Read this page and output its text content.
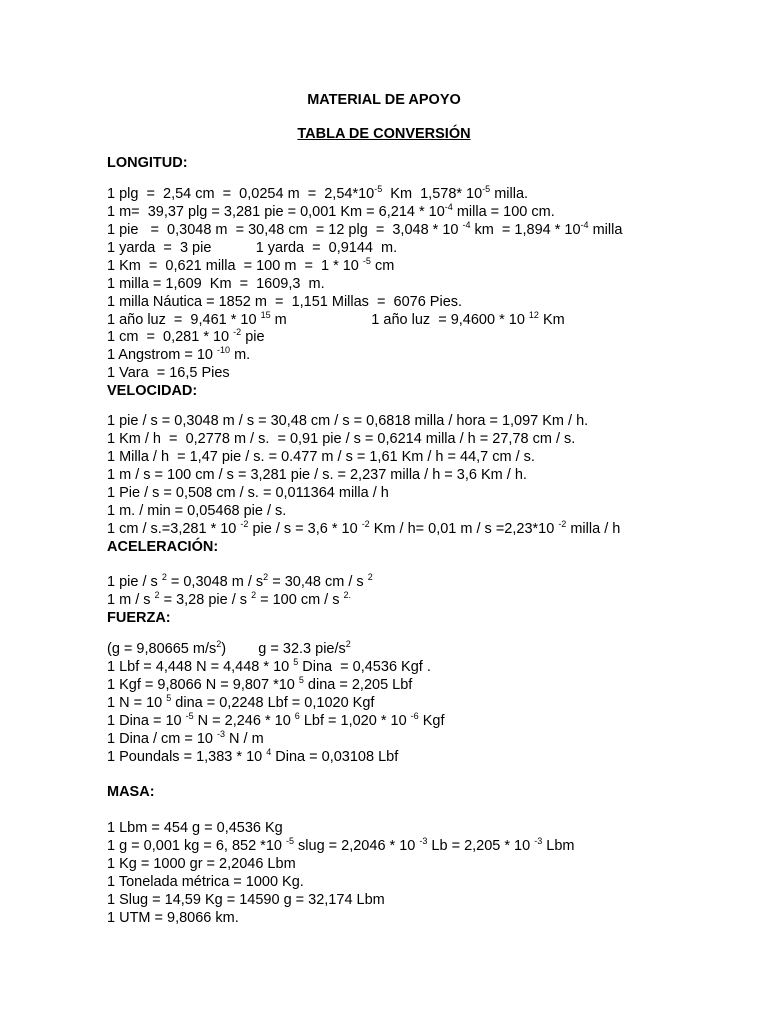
MATERIAL DE APOYO
TABLA DE CONVERSIÓN
LONGITUD:
1 plg  =  2,54 cm  =  0,0254 $m = 2,54*10^{-5}$  Km  1,578* $10^{-5}$ milla.
1 m=  39,37 plg = 3,281 pie = 0,001 $Km = 6,214 * 10^{-4}$ milla = 100 cm.
1 pie   =  0,3048 m  = 30,48 cm  = 12 plg  =  3,048 * 10 $^{-4}$ km  = $1,894 * 10^{-4}$ milla
1 yarda  =  3 pie           1 yarda  =  0,9144  m.
1 Km  =  0,621 milla  = 100 m  =  1 * 10 $^{-5}$ cm
1 milla = 1,609  Km  =  1609,3  m.
1 milla Náutica = 1852 m  =  1,151 Millas  =  6076 Pies.
1 año luz  =  9,461 * 10 $^{15}$ m                     1 año luz  = 9,4600 * 10 $^{12}$ Km
1 cm  =  0,281 * 10 $^{-2}$ pie
1 Angstrom = 10 $^{-10}$ m.
1 Vara  = 16,5 Pies
VELOCIDAD:
1 pie / s = 0,3048 m / s = 30,48 cm / s = 0,6818 milla / hora = 1,097 Km / h.
1 Km / h  =  0,2778 m / s.  = 0,91 pie / s = 0,6214 milla / h = 27,78 cm / s.
1 Milla / h  = 1,47 pie / s. = 0.477 m / s = 1,61 Km / h = 44,7 cm / s.
1 m / s = 100 cm / s = 3,281 pie / s. = 2,237 milla / h = 3,6 Km / h.
1 Pie / s = 0,508 cm / s. = 0,011364 milla / h
1 m. / min = 0,05468 pie / s.
1 cm / s.=3,281 * 10 $^{-2}$ pie / s = 3,6 * 10 $^{-2}$ Km / h= 0,01 m / s =2,23*10 $^{-2}$ milla / h
ACELERACIÓN:
1 pie / s $^2$ = 0,3048 $m / s^2 = 30,48$ cm / s $^2$
1 m / s $^2$ = 3,28 pie / s $^2$ = 100 cm / s $^{2.}$
FUERZA:
(g = 9,80665 $m/s^2$)        g = 32.3 pie/$s^2$
1 Lbf = 4,448 N = 4,448 * 10 $^5$ Dina  = 0,4536 Kgf .
1 Kgf = 9,8066 N = 9,807 *10 $^5$ dina = 2,205 Lbf
1 N = 10 $^5$ dina = 0,2248 Lbf = 0,1020 Kgf
1 Dina = 10 $^{-5}$ N = 2,246 * 10 $^6$ Lbf = 1,020 * 10 $^{-6}$ Kgf
1 Dina / cm = 10 $^{-3}$ N / m
1 Poundals = 1,383 * 10 $^4$ Dina = 0,03108 Lbf
MASA:
1 Lbm = 454 g = 0,4536 Kg
1 g = 0,001 kg = 6, 852 *10 $^{-5}$ slug = 2,2046 * 10 $^{-3}$ Lb = 2,205 * 10 $^{-3}$ Lbm
1 Kg = 1000 gr = 2,2046 Lbm
1 Tonelada métrica = 1000 Kg.
1 Slug = 14,59 Kg = 14590 g = 32,174 Lbm
1 UTM = 9,8066 km.
